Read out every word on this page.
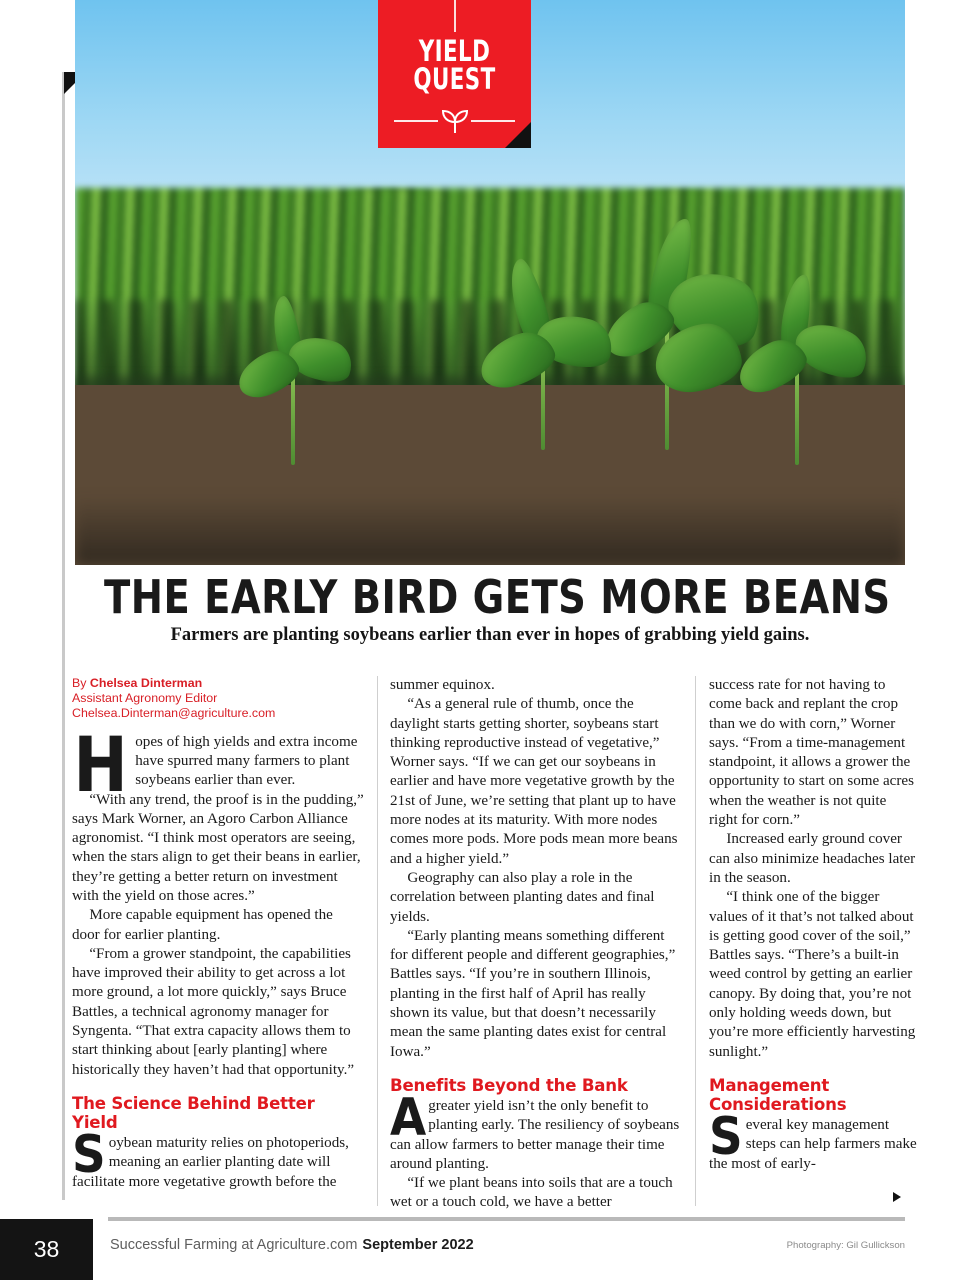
YIELD
QUEST
THE EARLY BIRD GETS MORE BEANS
Farmers are planting soybeans earlier than ever in hopes of grabbing yield gains.
By Chelsea Dinterman
Assistant Agronomy Editor
Chelsea.Dinterman@agriculture.com

Hopes of high yields and extra income have spurred many farmers to plant soybeans earlier than ever.

“With any trend, the proof is in the pudding,” says Mark Worner, an Agoro Carbon Alliance agronomist. “I think most operators are seeing, when the stars align to get their beans in earlier, they’re getting a better return on investment with the yield on those acres.”

More capable equipment has opened the door for earlier planting.

“From a grower standpoint, the capabilities have improved their ability to get across a lot more ground, a lot more quickly,” says Bruce Battles, a technical agronomy manager for Syngenta. “That extra capacity allows them to start thinking about [early planting] where historically they haven’t had that opportunity.”

The Science Behind Better Yield

Soybean maturity relies on photoperiods, meaning an earlier planting date will facilitate more vegetative growth before the

summer equinox.

“As a general rule of thumb, once the daylight starts getting shorter, soybeans start thinking reproductive instead of vegetative,” Worner says. “If we can get our soybeans in earlier and have more vegetative growth by the 21st of June, we’re setting that plant up to have more nodes at its maturity. With more nodes comes more pods. More pods mean more beans and a higher yield.”

Geography can also play a role in the correlation between planting dates and final yields.

“Early planting means something different for different people and different geographies,” Battles says. “If you’re in southern Illinois, planting in the first half of April has really shown its value, but that doesn’t necessarily mean the same planting dates exist for central Iowa.”

Benefits Beyond the Bank

Agreater yield isn’t the only benefit to planting early. The resiliency of soybeans can allow farmers to better manage their time around planting.

“If we plant beans into soils that are a touch wet or a touch cold, we have a better

success rate for not having to come back and replant the crop than we do with corn,” Worner says. “From a time-management standpoint, it allows a grower the opportunity to start on some acres when the weather is not quite right for corn.”

Increased early ground cover can also minimize headaches later in the season.

“I think one of the bigger values of it that’s not talked about is getting good cover of the soil,” Battles says. “There’s a built-in weed control by getting an earlier canopy. By doing that, you’re not only holding weeds down, but you’re more efficiently harvesting sunlight.”

Management
Considerations

Several key management steps can help farmers make the most of early-

38	Successful Farming at Agriculture.com September 2022	Photography: Gil Gullickson
